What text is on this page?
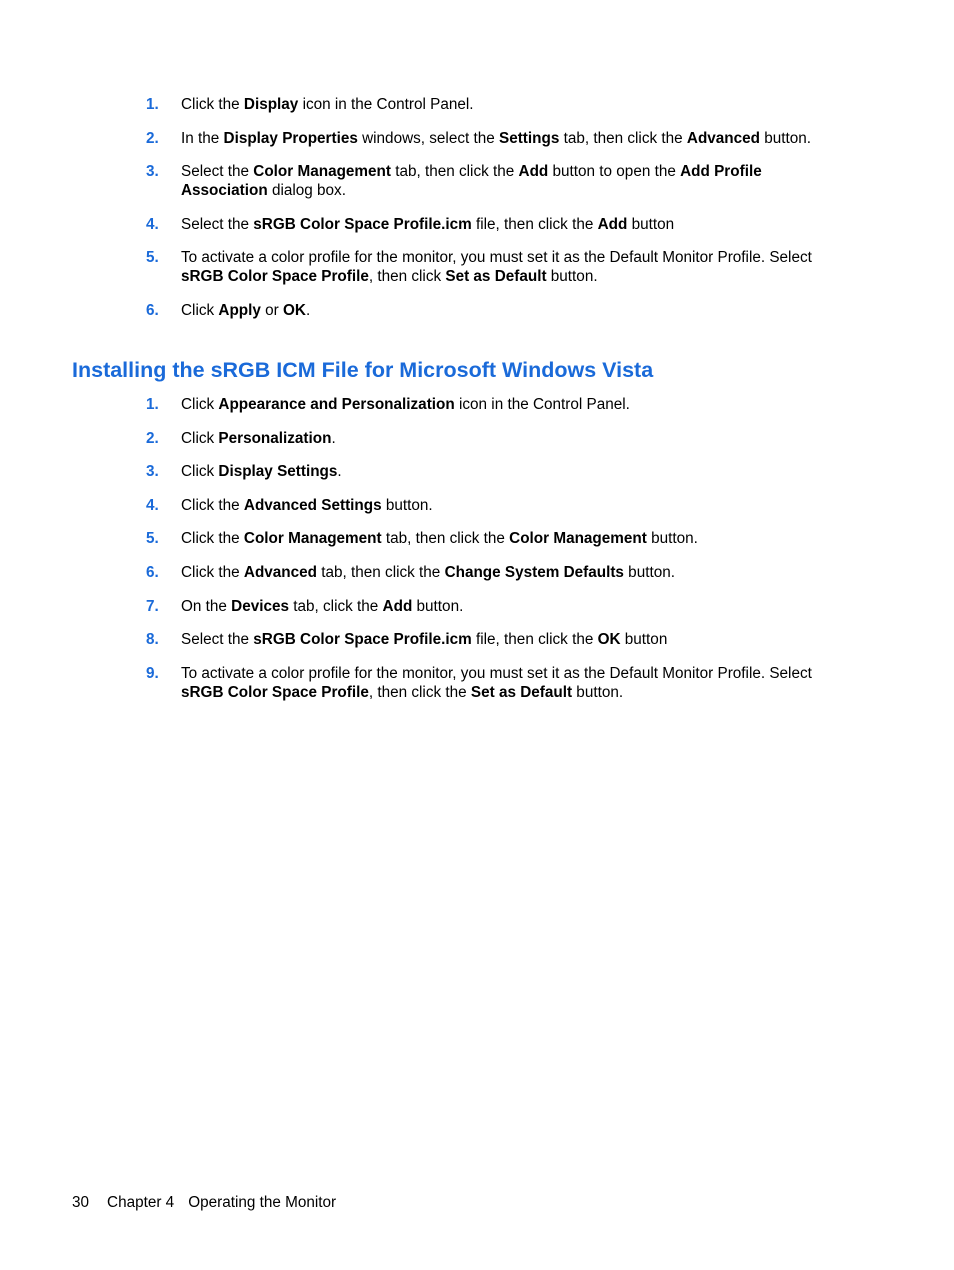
1. Click the Display icon in the Control Panel.
2. In the Display Properties windows, select the Settings tab, then click the Advanced button.
3. Select the Color Management tab, then click the Add button to open the Add Profile Association dialog box.
4. Select the sRGB Color Space Profile.icm file, then click the Add button
5. To activate a color profile for the monitor, you must set it as the Default Monitor Profile. Select sRGB Color Space Profile, then click Set as Default button.
6. Click Apply or OK.
Installing the sRGB ICM File for Microsoft Windows Vista
1. Click Appearance and Personalization icon in the Control Panel.
2. Click Personalization.
3. Click Display Settings.
4. Click the Advanced Settings button.
5. Click the Color Management tab, then click the Color Management button.
6. Click the Advanced tab, then click the Change System Defaults button.
7. On the Devices tab, click the Add button.
8. Select the sRGB Color Space Profile.icm file, then click the OK button
9. To activate a color profile for the monitor, you must set it as the Default Monitor Profile. Select sRGB Color Space Profile, then click the Set as Default button.
30 Chapter 4 Operating the Monitor
